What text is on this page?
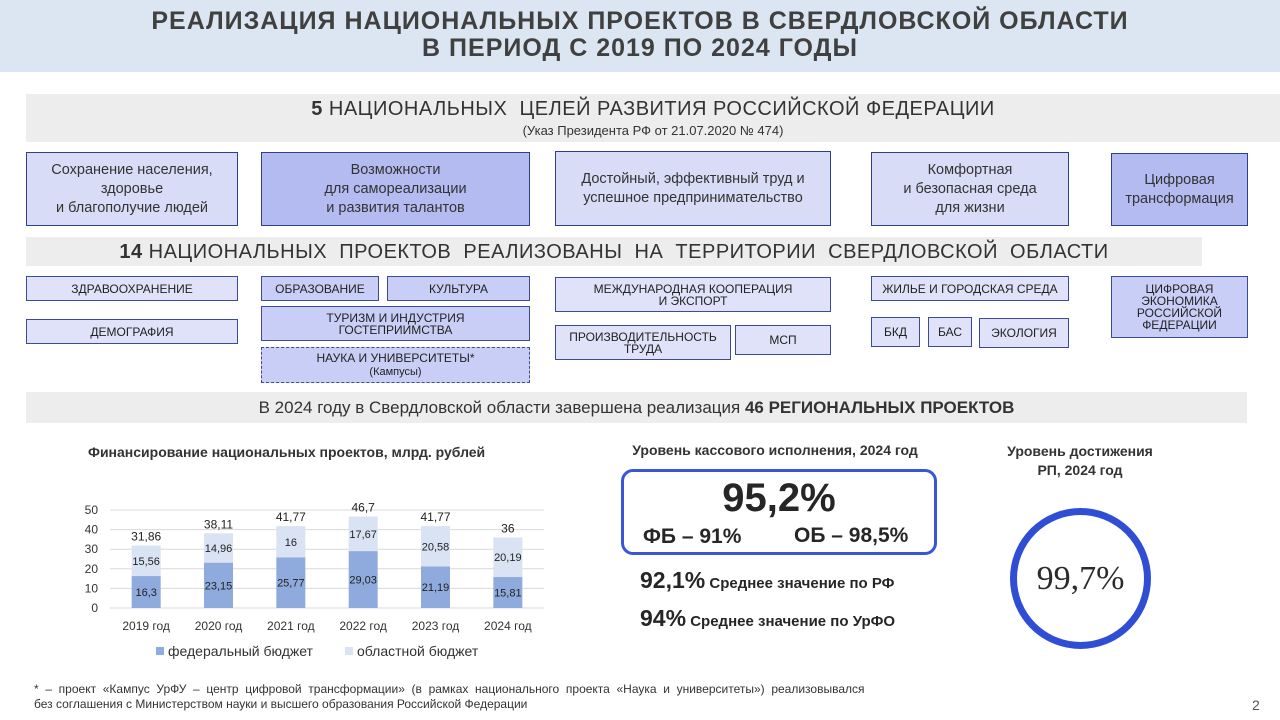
РЕАЛИЗАЦИЯ НАЦИОНАЛЬНЫХ ПРОЕКТОВ В СВЕРДЛОВСКОЙ ОБЛАСТИ
В ПЕРИОД С 2019 ПО 2024 ГОДЫ
5 НАЦИОНАЛЬНЫХ  ЦЕЛЕЙ РАЗВИТИЯ РОССИЙСКОЙ ФЕДЕРАЦИИ
(Указ Президента РФ от 21.07.2020 № 474)
Сохранение населения,
здоровье
и благополучие людей
Возможности
для самореализации
и развития талантов
Достойный, эффективный труд и
успешное предпринимательство
Комфортная
и безопасная среда
для жизни
Цифровая
трансформация
14 НАЦИОНАЛЬНЫХ  ПРОЕКТОВ  РЕАЛИЗОВАНЫ  НА  ТЕРРИТОРИИ  СВЕРДЛОВСКОЙ  ОБЛАСТИ
ЗДРАВООХРАНЕНИЕ
ДЕМОГРАФИЯ
ОБРАЗОВАНИЕ	КУЛЬТУРА
ТУРИЗМ И ИНДУСТРИЯ
ГОСТЕПРИИМСТВА
НАУКА И УНИВЕРСИТЕТЫ*
(Кампусы)
МЕЖДУНАРОДНАЯ КООПЕРАЦИЯ
И ЭКСПОРТ
ПРОИЗВОДИТЕЛЬНОСТЬ
ТРУДА
МСП
ЖИЛЬЕ И ГОРОДСКАЯ СРЕДА
БКД	БАС	ЭКОЛОГИЯ
ЦИФРОВАЯ
ЭКОНОМИКА
РОССИЙСКОЙ
ФЕДЕРАЦИИ
В 2024 году в Свердловской области завершена реализация 46 РЕГИОНАЛЬНЫХ ПРОЕКТОВ
Финансирование национальных проектов, млрд. рублей
0
10
20
30
40
50
16,3
15,56
31,86
2019 год
23,15
14,96
38,11
2020 год
25,77
16
41,77
2021 год
29,03
17,67
46,7
2022 год
21,19
20,58
41,77
2023 год
15,81
20,19
36
2024 год
федеральный бюджет	областной бюджет
Уровень кассового исполнения, 2024 год
95,2%
ФБ – 91%	ОБ – 98,5%
92,1% Среднее значение по РФ
94% Среднее значение по УрФО
Уровень достижения
РП, 2024 год
99,7%
*  –  проект  «Кампус  УрФУ  –  центр  цифровой  трансформации»  (в  рамках  национального  проекта  «Наука  и  университеты»)  реализовывался
без соглашения с Министерством науки и высшего образования Российской Федерации	2
